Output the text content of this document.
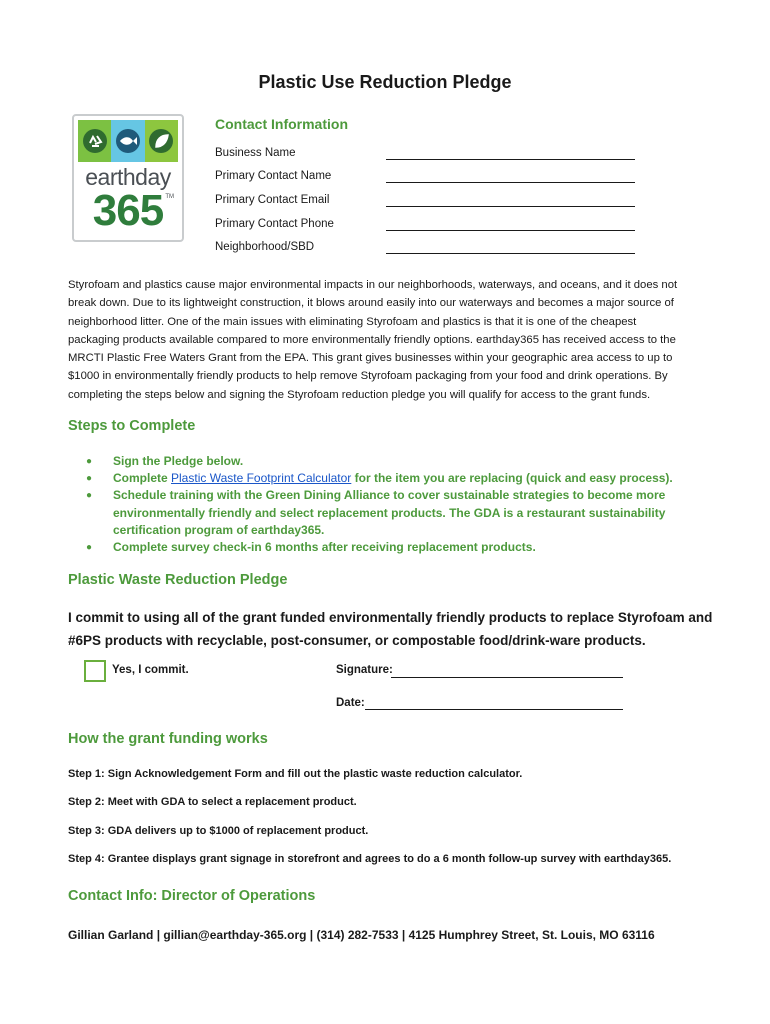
Plastic Use Reduction Pledge
earthday
365 TM
Contact Information
Business Name
Primary Contact Name
Primary Contact Email
Primary Contact Phone
Neighborhood/SBD
Styrofoam and plastics cause major environmental impacts in our neighborhoods, waterways, and oceans, and it does not
break down. Due to its lightweight construction, it blows around easily into our waterways and becomes a major source of
neighborhood litter. One of the main issues with eliminating Styrofoam and plastics is that it is one of the cheapest
packaging products available compared to more environmentally friendly options. earthday365 has received access to the
MRCTI Plastic Free Waters Grant from the EPA. This grant gives businesses within your geographic area access to up to
$1000 in environmentally friendly products to help remove Styrofoam packaging from your food and drink operations. By
completing the steps below and signing the Styrofoam reduction pledge you will qualify for access to the grant funds.
Steps to Complete
● Sign the Pledge below.
● Complete Plastic Waste Footprint Calculator for the item you are replacing (quick and easy process).
● Schedule training with the Green Dining Alliance to cover sustainable strategies to become more
environmentally friendly and select replacement products. The GDA is a restaurant sustainability
certification program of earthday365.
● Complete survey check-in 6 months after receiving replacement products.
Plastic Waste Reduction Pledge
I commit to using all of the grant funded environmentally friendly products to replace Styrofoam and
#6PS products with recyclable, post-consumer, or compostable food/drink-ware products.
Yes, I commit.	Signature:
Date:
How the grant funding works
Step 1: Sign Acknowledgement Form and fill out the plastic waste reduction calculator.
Step 2: Meet with GDA to select a replacement product.
Step 3: GDA delivers up to $1000 of replacement product.
Step 4: Grantee displays grant signage in storefront and agrees to do a 6 month follow-up survey with earthday365.
Contact Info: Director of Operations
Gillian Garland | gillian@earthday-365.org | (314) 282-7533 | 4125 Humphrey Street, St. Louis, MO 63116
